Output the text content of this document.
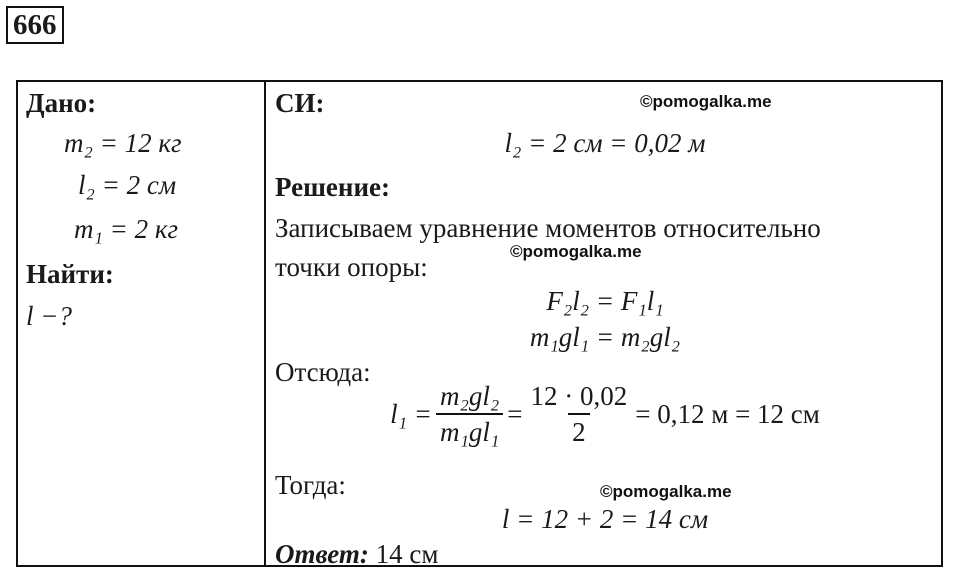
666
Дано:
m₂ = 12 кг
l₂ = 2 см
m₁ = 2 кг
Найти:
l −?
СИ:	©pomogalka.me
l₂ = 2 см = 0,02 м
Решение:
Записываем уравнение моментов относительно
©pomogalka.me
точки опоры:
F₂l₂ = F₁l₁
m₁gl₁ = m₂gl₂
Отсюда:
$l_1 = \frac{\text{m₂gl₂}}{\text{m₁gl₁}} = \frac{12 \cdot 0,02}{2} = 0,12$ м = 12 см
Тогда:	©pomogalka.me
l = 12 + 2 = 14 см
Ответ: 14 см
